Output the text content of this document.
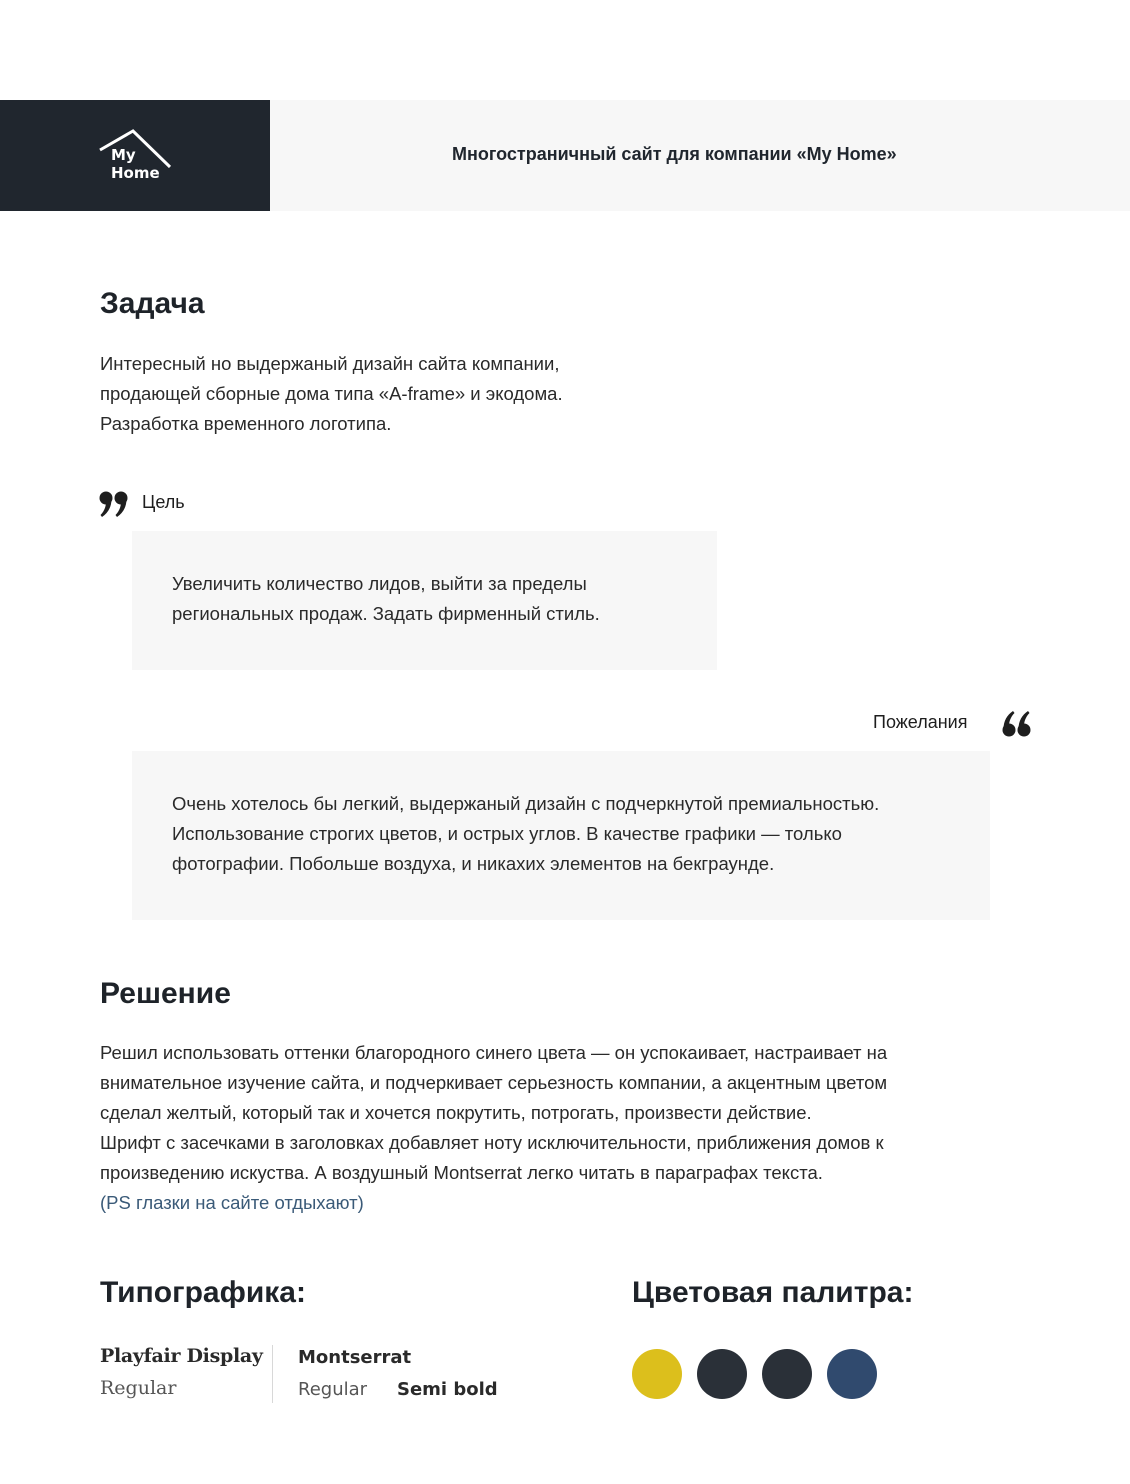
My
Home
Многостраничный сайт для компании «My Home»
Задача

Интересный но выдержаный дизайн сайта компании,

продающей сборные дома типа «A-frame» и экодома.

Разработка временного логотипа.

Цель

Увеличить количество лидов, выйти за пределы

региональных продаж. Задать фирменный стиль.

Пожелания

Очень хотелось бы легкий, выдержаный дизайн с подчеркнутой премиальностью.

Использование строгих цветов, и острых углов. В качестве графики — только

фотографии. Побольше воздуха, и никахих элементов на бекграунде.

Решение

Решил использовать оттенки благородного синего цвета — он успокаивает, настраивает на

внимательное изучение сайта, и подчеркивает серьезность компании, а акцентным цветом

сделал желтый, который так и хочется покрутить, потрогать, произвести действие.

Шрифт с засечками в заголовках добавляет ноту исключительности, приближения домов к

произведению искуства. А воздушный Montserrat легко читать в параграфах текста.

(PS глазки на сайте отдыхают)

Типографика:
Playfair Display
Regular
Montserrat
Regular Semi bold
Цветовая палитра:
